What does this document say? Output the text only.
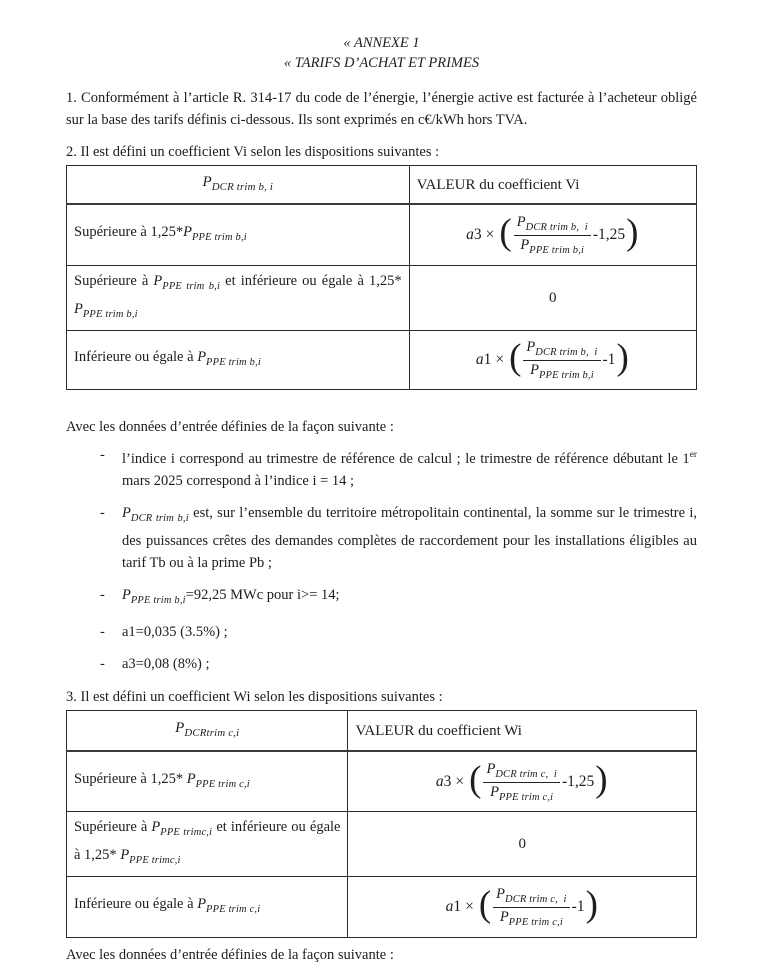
« ANNEXE 1
« TARIFS D’ACHAT ET PRIMES

1. Conformément à l’article R. 314-17 du code de l’énergie, l’énergie active est facturée à l’acheteur obligé sur la base des tarifs définis ci-dessous. Ils sont exprimés en c€/kWh hors TVA.

2. Il est défini un coefficient Vi selon les dispositions suivantes :

$P_{DCR trim b, i}$	VALEUR du coefficient Vi
Supérieure à $1,25*P_{PPE trim b,i}$	a3 × ( $\frac{P_{DCR trim b, i}}{P_{PPE trim b,i}} -1,25$ )

Supérieure à $P_{PPE trim b,i}$ et inférieure ou égale à 1,25* $P_{PPE trim b,i}$	0
Inférieure ou égale à $P_{PPE trim b,i}$	a1 × ( $\frac{P_{DCR trim b, i}}{P_{PPE trim b,i}} -1$ )

Avec les données d’entrée définies de la façon suivante :

-	l’indice i correspond au trimestre de référence de calcul ; le trimestre de référence débutant le 1er mars 2025 correspond à l’indice i = 14 ;
-	$P_{DCR trim b,i}$ est, sur l’ensemble du territoire métropolitain continental, la somme sur le trimestre i, des puissances crêtes des demandes complètes de raccordement pour les installations éligibles au tarif Tb ou à la prime Pb ;
-	$P_{PPE trim b,i}=92,25$ MWc pour i>= 14;
-	a1=0,035 (3.5%) ;
-	a3=0,08 (8%) ;

3. Il est défini un coefficient Wi selon les dispositions suivantes :

$P_{DCRtrim c,i}$	VALEUR du coefficient Wi
Supérieure à 1,25* $P_{PPE trim c,i}$	a3 × ( $\frac{P_{DCR trim c, i}}{P_{PPE trim c,i}} -1,25$ )

Supérieure à $P_{PPE trimc,i}$ et inférieure ou égale à 1,25* $P_{PPE trimc,i}$	0
Inférieure ou égale à $P_{PPE trim c,i}$	a1 × ( $\frac{P_{DCR trim c, i}}{P_{PPE trim c,i}} -1$ )

Avec les données d’entrée définies de la façon suivante :
